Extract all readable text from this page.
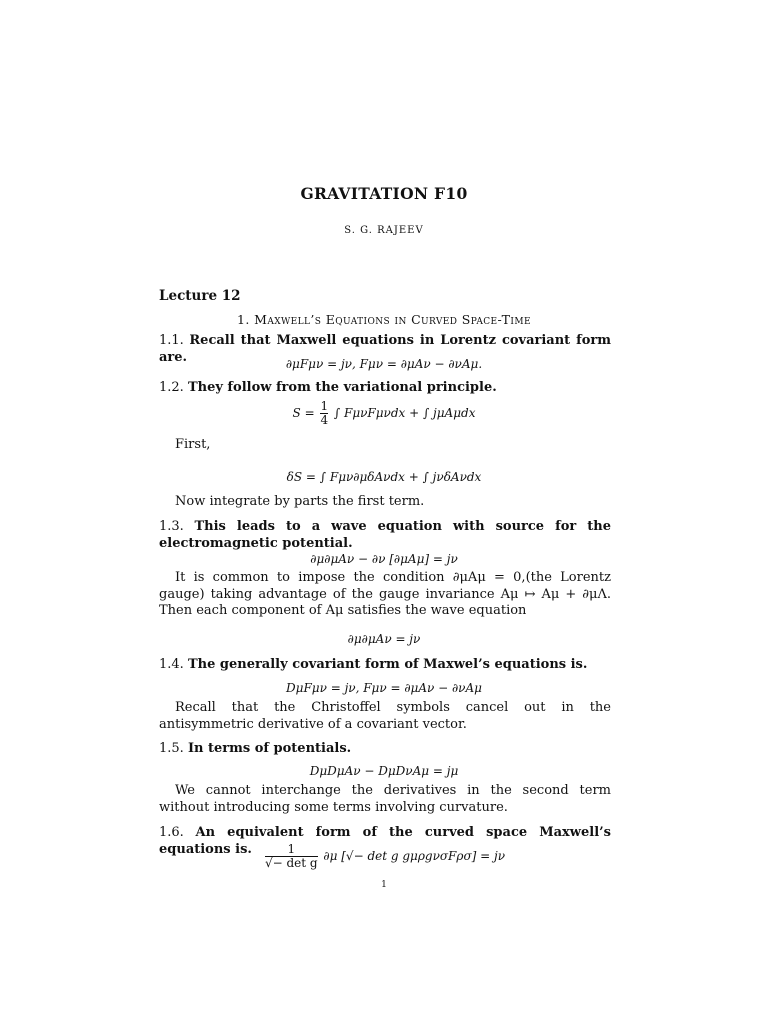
GRAVITATION F10
S. G. RAJEEV
Lecture 12
1. Maxwell’s Equations in Curved Space-Time
1.1. Recall that Maxwell equations in Lorentz covariant form are.	∂μFμν = jν, Fμν = ∂μAν − ∂νAμ.
1.2. They follow from the variational principle.
$S = \frac{1}{4}$ ∫ FμνFμνdx + ∫ jμAμdx
First,
δS = ∫ Fμν∂μδAνdx + ∫ jνδAνdx
Now integrate by parts the first term.
1.3. This leads to a wave equation with source for the electromagnetic potential.
∂μ∂μAν − ∂ν [∂μAμ] = jν
It is common to impose the condition ∂μAμ = 0,(the Lorentz gauge) taking advantage of the gauge invariance Aμ ↦ Aμ + ∂μΛ. Then each component of Aμ satisfies the wave equation
∂μ∂μAν = jν
1.4. The generally covariant form of Maxwel’s equations is.
DμFμν = jν, Fμν = ∂μAν − ∂νAμ
Recall that the Christoffel symbols cancel out in the antisymmetric derivative of a covariant vector.
1.5. In terms of potentials.
DμDμAν − DμDνAμ = jμ
We cannot interchange the derivatives in the second term without introducing some terms involving curvature.
1.6. An equivalent form of the curved space Maxwell’s equations is.	$\frac{1}{\text{√− det g}} \partial\mu$ [√− det g gμρgνσFρσ] = jν
1
